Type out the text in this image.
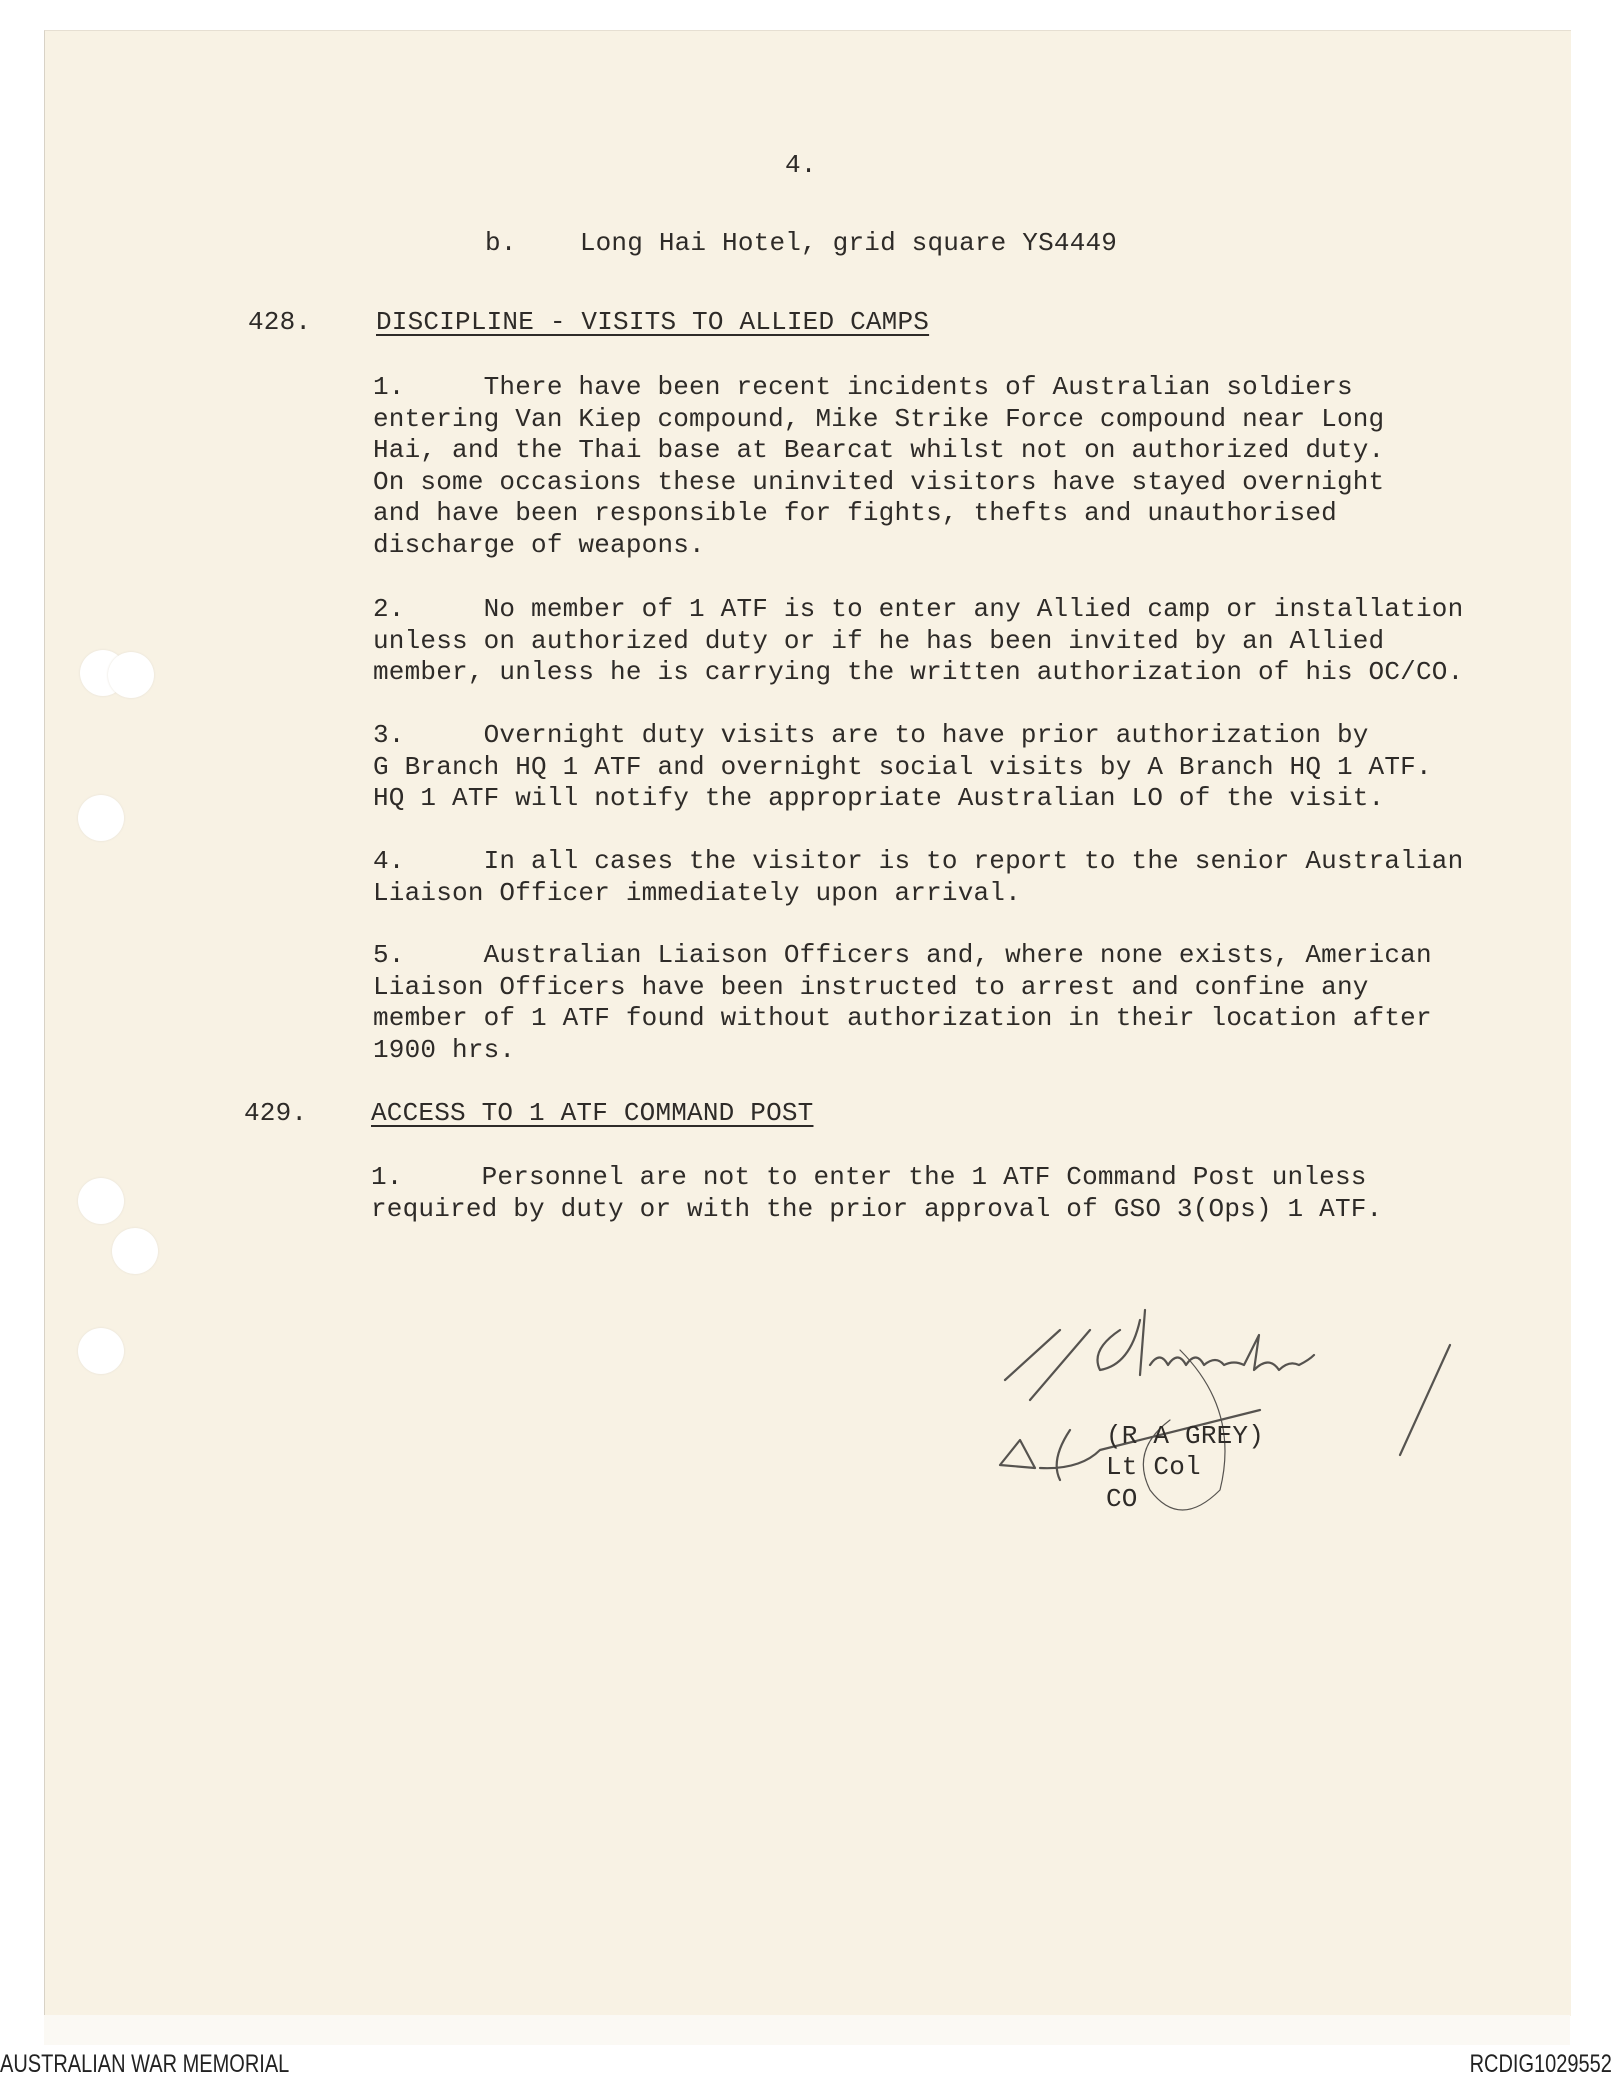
4.
b.    Long Hai Hotel, grid square YS4449
428. DISCIPLINE - VISITS TO ALLIED CAMPS
1.     There have been recent incidents of Australian soldiers
entering Van Kiep compound, Mike Strike Force compound near Long
Hai, and the Thai base at Bearcat whilst not on authorized duty.
On some occasions these uninvited visitors have stayed overnight
and have been responsible for fights, thefts and unauthorised
discharge of weapons.
2.     No member of 1 ATF is to enter any Allied camp or installation
unless on authorized duty or if he has been invited by an Allied
member, unless he is carrying the written authorization of his OC/CO.
3.     Overnight duty visits are to have prior authorization by
G Branch HQ 1 ATF and overnight social visits by A Branch HQ 1 ATF.
HQ 1 ATF will notify the appropriate Australian LO of the visit.
4.     In all cases the visitor is to report to the senior Australian
Liaison Officer immediately upon arrival.
5.     Australian Liaison Officers and, where none exists, American
Liaison Officers have been instructed to arrest and confine any
member of 1 ATF found without authorization in their location after
1900 hrs.
429. ACCESS TO 1 ATF COMMAND POST
1.     Personnel are not to enter the 1 ATF Command Post unless
required by duty or with the prior approval of GSO 3(Ops) 1 ATF.
(R A GREY)
Lt Col
CO
AUSTRALIAN WAR MEMORIAL	RCDIG1029552
